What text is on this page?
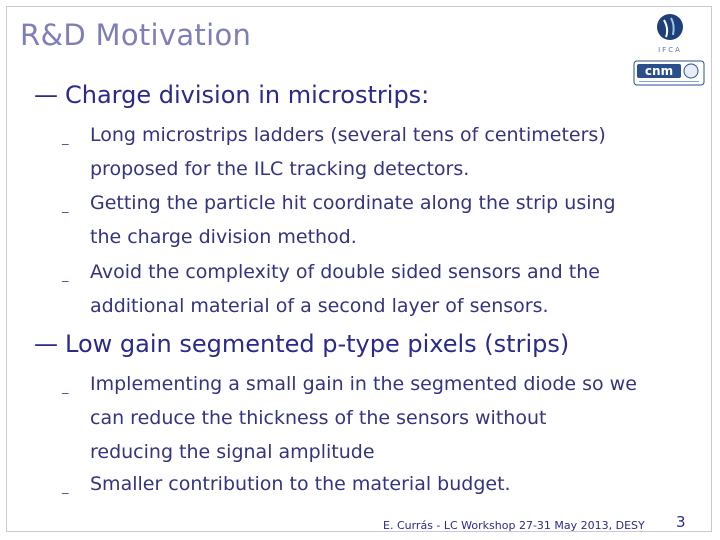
R&D Motivation	IFCA
cnm
— Charge division in microstrips:
_ Long microstrips ladders (several tens of centimeters)
proposed for the ILC tracking detectors.
_ Getting the particle hit coordinate along the strip using
the charge division method.
_ Avoid the complexity of double sided sensors and the
additional material of a second layer of sensors.
— Low gain segmented p-type pixels (strips)
_ Implementing a small gain in the segmented diode so we
can reduce the thickness of the sensors without
reducing the signal amplitude
_ Smaller contribution to the material budget.
E. Currás - LC Workshop 27-31 May 2013, DESY 3
